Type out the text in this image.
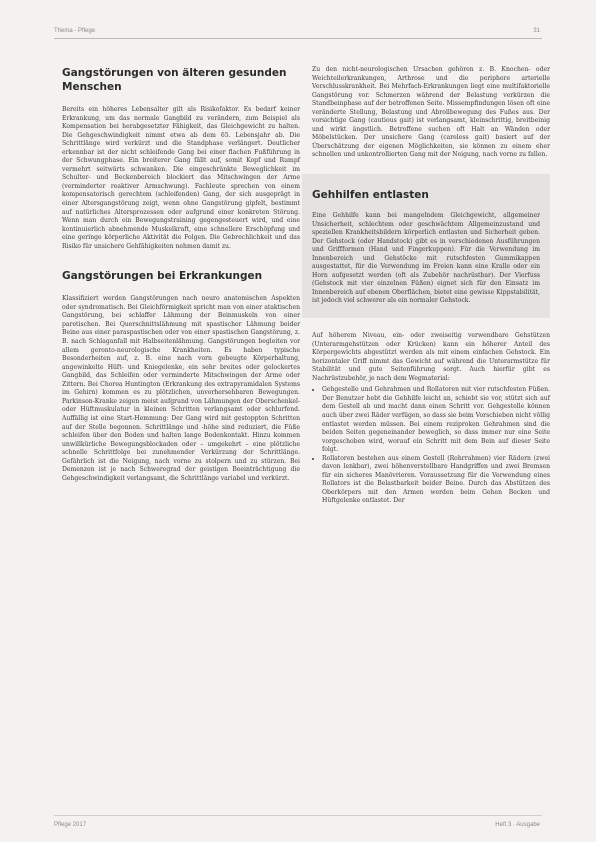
Thema - Pflege	31
Gangstörungen von älteren gesunden Menschen

Bereits ein höheres Lebensalter gilt als Risikofaktor. Es bedarf keiner Erkrankung, um das normale Gangbild zu verändern, zum Beispiel als Kompensation bei herabgesetzter Fähigkeit, das Gleichgewicht zu halten. Die Gehgeschwindigkeit nimmt etwa ab dem 65. Lebensjahr ab. Die Schrittlänge wird verkürzt und die Standphase verlängert. Deutlicher erkennbar ist der nicht schleifende Gang bei einer flachen Fußführung in der Schwungphase. Ein breiterer Gang fällt auf, somit Kopf und Rumpf vermehrt seitwärts schwanken. Die eingeschränkte Beweglichkeit im Schulter- und Beckenbereich blockiert das Mitschwingen der Arme (verminderter reaktiver Armschwung). Fachleute sprechen von einem kompensatorisch gerechtem (schleifenden) Gang, der sich ausgeprägt in einer Altersgangstörung zeigt, wenn ohne Gangstörung gipfelt, bestimmt auf natürliches Altersprozessen oder aufgrund einer konkreten Störung. Wenn man durch ein Bewegungstraining gegengesteuert wird, und eine kontinuierlich abnehmende Muskelkraft, eine schnellere Erschöpfung und eine geringe körperliche Aktivität die Folgen. Die Gebrechlichkeit und das Risiko für unsichere Gehfähigkeiten nehmen damit zu.

Gangstörungen bei Erkrankungen

Klassifiziert werden Gangstörungen nach neuro anatomischen Aspekten oder syndromatisch. Bei Gleichförmigkeit spricht man von einer ataktischen Gangstörung, bei schlaffer Lähmung der Beinmuskeln von einer paretischen. Bei Querschnittslähmung mit spastischer Lähmung beider Beine aus einer paraspastischen oder von einer spastischen Gangstörung, z. B. nach Schlaganfall mit Halbseitenlähmung. Gangstörungen begleiten vor allem geronto-neurologische Krankheiten. Es haben typische Besonderheiten auf, z. B. eine nach vorn gebeugte Körperhaltung, angewinkelte Hüft- und Kniegelenke, ein sehr breites oder gelockertes Gangbild, das Schleifen oder verminderte Mitschwingen der Arme oder Zittern. Bei Chorea Huntington (Erkrankung des extrapyramidalen Systems im Gehirn) kommen es zu plötzlichen, unvorhersehbaren Bewegungen. Parkinson-Kranke zeigen meist aufgrund von Lähmungen der Oberschenkel- oder Hüftmuskulatur in kleinen Schritten verlangsamt oder schlurfend. Auffällig ist eine Start-Hemmung: Der Gang wird mit gestoppten Schritten auf der Stelle begonnen. Schrittlänge und -höhe sind reduziert, die Füße schleifen über den Boden und halten lange Bodenkontakt. Hinzu kommen unwillkürliche Bewegungsblockaden oder – umgekehrt – eine plötzliche schnelle Schrittfolge bei zunehmender Verkürzung der Schrittlänge. Gefährlich ist die Neigung, nach vorne zu stolpern und zu stürzen. Bei Demenzen ist je nach Schweregrad der geistigen Beeinträchtigung die Gehgeschwindigkeit verlangsamt, die Schrittlänge variabel und verkürzt.

Zu den nicht-neurologischen Ursachen gehören z. B. Knochen- oder Weichteilerkrankungen, Arthrose und die periphere arterielle Verschlusskrankheit. Bei Mehrfach-Erkrankungen liegt eine multifaktorielle Gangstörung vor. Schmerzen während der Belastung verkürzen die Standbeinphase auf der betroffenen Seite. Missempfindungen lösen oft eine veränderte Stellung, Belastung und Abrollbewegung des Fußes aus. Der vorsichtige Gang (cautious gait) ist verlangsamt, kleinschrittig, breitbeinig und wirkt ängstlich. Betroffene suchen oft Halt an Wänden oder Möbelstücken. Der unsichere Gang (careless gait) basiert auf der Überschätzung der eigenen Möglichkeiten, sie können zu einem eher schnellen und unkontrollierten Gang mit der Neigung, nach vorne zu fallen.

Gehhilfen entlasten

Eine Gehhilfe kann bei mangelndem Gleichgewicht, allgemeiner Unsicherheit, schlechtem oder geschwächtem Allgemeinzustand und speziellen Krankheitsbildern körperlich entlasten und Sicherheit geben. Der Gehstock (oder Handstock) gibt es in verschiedenen Ausführungen und Griffformen (Hand und Fingerkuppen). Für die Verwendung im Innenbereich und Gehstöcke mit rutschfesten Gummikappen ausgestattet, für die Verwendung im Freien kann eine Kralle oder ein Horn aufgesetzt werden (oft als Zubehör nachrüstbar). Der Vierfuss (Gehstock mit vier einzelnen Füßen) eignet sich für den Einsatz im Innenbereich auf ebenen Oberflächen, bietet eine gewisse Kippstabilität, ist jedoch viel schwerer als ein normaler Gehstock.

Auf höherem Niveau, ein- oder zweiseitig verwendbare Gehstützen (Unterarmgehstützen oder Krücken) kann ein höherer Anteil des Körpergewichts abgestützt werden als mit einem einfachen Gehstock. Ein horizontaler Griff nimmt das Gewicht auf während die Unterarmstütze für Stabilität und gute Seitenführung sorgt. Auch hierfür gibt es Nachrüstzubehör, je nach dem Wegmaterial:

• Gehgestelle und Gehrahmen und Rollatoren mit vier rutschfesten Füßen. Der Benutzer hebt die Gehhilfe leicht an, schiebt sie vor, stützt sich auf dem Gestell ab und macht dann einen Schritt vor. Gehgestelle können auch über zwei Räder verfügen, so dass sie beim Vorschieben nicht völlig entlastet werden müssen. Bei einem reziproken Gehrahmen sind die beiden Seiten gegeneinander beweglich, so dass immer nur eine Seite vorgeschoben wird, worauf ein Schritt mit dem Bein auf dieser Seite folgt.
• Rollatoren bestehen aus einem Gestell (Rohrrahmen) vier Rädern (zwei davon lenkbar), zwei höhenverstellbare Handgriffen und zwei Bremsen für ein sicheres Manövrieren. Voraussetzung für die Verwendung eines Rollators ist die Belastbarkeit beider Beine. Durch das Abstützen des Oberkörpers mit den Armen werden beim Gehen Becken und Hüftgelenke entlastet. Der
Pflege 2017	Heft 3 · Ausgabe
